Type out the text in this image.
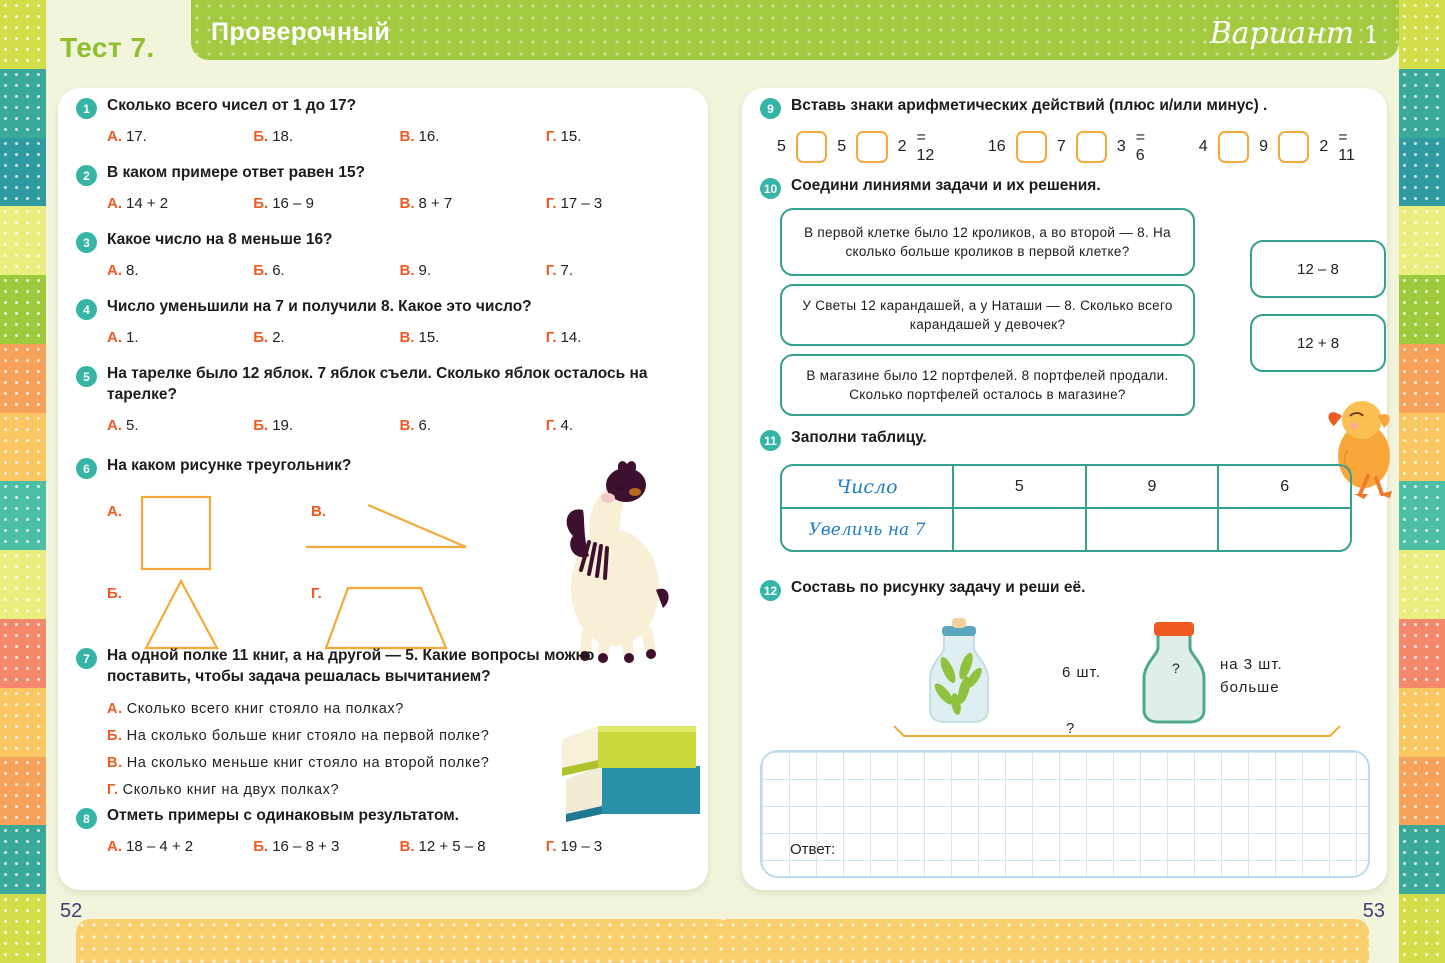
Тест 7. Проверочный	Вариант 1
1	Сколько всего чисел от 1 до 17?
А. 17.	Б. 18.	В. 16.	Г. 15.
2	В каком примере ответ равен 15?
А. 14 + 2	Б. 16 – 9	В. 8 + 7	Г. 17 – 3
3	Какое число на 8 меньше 16?
А. 8.	Б. 6.	В. 9.	Г. 7.
4	Число уменьшили на 7 и получили 8. Какое это число?
А. 1.	Б. 2.	В. 15.	Г. 14.
5	На тарелке было 12 яблок. 7 яблок съели. Сколько яблок осталось на тарелке?
А. 5.	Б. 19.	В. 6.	Г. 4.
6	На каком рисунке треугольник?
А.
Б.
В.
Г.
7	На одной полке 11 книг, а на другой — 5. Какие вопросы можно поставить, чтобы задача решалась вычитанием?
А. Сколько всего книг стояло на полках?
Б. На сколько больше книг стояло на первой полке?
В. На сколько меньше книг стояло на второй полке?
Г. Сколько книг на двух полках?
8	Отметь примеры с одинаковым результатом.
А. 18 – 4 + 2	Б. 16 – 8 + 3	В. 12 + 5 – 8	Г. 19 – 3
9	Вставь знаки арифметических действий (плюс и/или минус) .
5	5	2
= 12
16	7	3
= 6
4	9	2
= 11
10 Соедини линиями задачи и их решения.
В первой клетке было 12 кроликов, а во второй — 8. На сколько больше кроликов в первой клетке?
У Светы 12 карандашей, а у Наташи — 8. Сколько всего карандашей у девочек?
В магазине было 12 портфелей. 8 портфелей продали. Сколько портфелей осталось в магазине?
12 – 8
12 + 8
11 Заполни таблицу.
Число	5	9	6
Увеличь на 7
12 Составь по рисунку задачу и реши её.
6 шт.	?	на 3 шт.
больше
?
Ответ:
52	53
